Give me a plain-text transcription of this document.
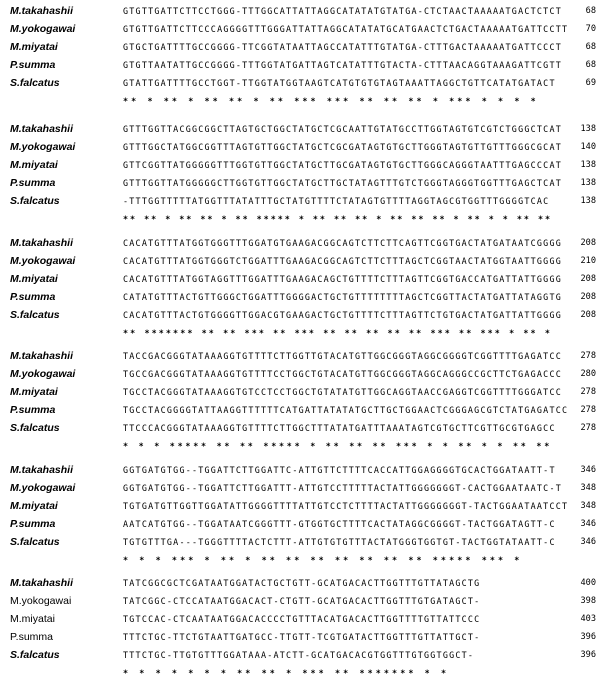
M.takahashii	GTGTTGATTCTTCCTGGG-TTTGGCATTATTAGGCATATATGTATGA-CTCTAACTAAAAATGACTCTCT	68
M.yokogawai	GTGTTGATTCTTCCCAGGGGTTTGGGATTATTAGGCATATATGCATGAACTCTGACTAAAAATGATTCCTT	70
M.miyatai	GTGCTGATTTTGCCGGGG-TTCGGTATAATTAGCCATATTTGTATGA-CTTTGACTAAAAATGATTCCCT	68
P.summa	GTGTTAATATTGCCGGGG-TTTGGTATGATTAGTCATATTTGTACTA-CTTTAACAGGTAAAGATTCGTT	68
S.falcatus	GTATTGATTTTGCCTGGT-TTGGTATGGTAAGTCATGTGTGTAGTAAATTAGGCTGTTCATATGATACT	69
** * ** * ** ** * ** *** *** ** ** ** * *** * * * *
M.takahashii	GTTTGGTTACGGCGGCTTAGTGCTGGCTATGCTCGCAATTGTATGCCTTGGTAGTGTCGTCTGGGCTCAT	138
M.yokogawai	GTTTGGCTATGGCGGTTTAGTGTTGGCTATGCTCGCGATAGTGTGCTTGGGTAGTGTTGTTTGGGCGCAT	140
M.miyatai	GTTCGGTTATGGGGGTTTGGTGTTGGCTATGCTTGCGATAGTGTGCTTGGGCAGGGTAATTTGAGCCCAT	138
P.summa	GTTTGGTTATGGGGGCTTGGTGTTGGCTATGCTTGCTATAGTTTGTCTGGGTAGGGTGGTTTGAGCTCAT	138
S.falcatus	-TTTGGTTTTTATGGTTTATATTTGCTATGTTTTCTATAGTGTTTTAGGTAGCGTGGTTTGGGGTCAC	138
** ** * ** ** * ** ***** * ** ** ** * ** ** ** * ** * * ** **
M.takahashii	CACATGTTTATGGTGGGTTTGGATGTGAAGACGGCAGTCTTCTTCAGTTCGGTGACTATGATAATCGGGG	208
M.yokogawai	CACATGTTTATGGTGGGTCTGGATTTGAAGACGGCAGTCTTCTTTAGCTCGGTAACTATGGTAATTGGGG	210
M.miyatai	CACATGTTTATGGTAGGTTTGGATTTGAAGACAGCTGTTTTCTTTAGTTCGGTGACCATGATTATTGGGG	208
P.summa	CATATGTTTACTGTTGGGCTGGATTTGGGGACTGCTGTTTTTTTTAGCTCGGTTACTATGATTATAGGTG	208
S.falcatus	CACATGTTTACTGTGGGGTTGGACGTGAAGACTGCTGTTTTCTTTAGTTCTGTGACTATGATTATTGGGG	208
** ******* ** ** *** ** *** ** ** ** ** ** *** ** *** * ** *
M.takahashii	TACCGACGGGTATAAAGGTGTTTTCTTGGTTGTACATGTTGGCGGGTAGGCGGGGTCGGTTTTGAGATCC	278
M.yokogawai	TGCCGACGGGTATAAAGGTGTTTTCCTGGCTGTACATGTTGGCGGGTAGGCAGGGCCGCTTCTGAGACCC	280
M.miyatai	TGCCTACGGGTATAAAGGTGTCCTCCTGGCTGTATATGTTGGCAGGTAACCGAGGTCGGTTTTGGGATCC	278
P.summa	TGCCTACGGGGTATTAAGGTTTTTTCATGATTATATATGCTTGCTGGAACTCGGGAGCGTCTATGAGATCC	278
S.falcatus	TTCCCACGGGTATAAAGGTGTTTTCTTGGCTTTATATGATTTAAATAGTCGTGCTTCGTTGCGTGAGCC	278
* * * ***** ** ** ***** * ** ** ** *** * * ** * * ** **
M.takahashii	GGTGATGTGG--TGGATTCTTGGATTC-ATTGTTCTTTTCACCATTGGAGGGGTGCACTGGATAATT-T	346
M.yokogawai	GGTGATGTGG--TGGATTCTTGGATTT-ATTGTCCTTTTTACTATTGGGGGGGT-CACTGGAATAATC-T	348
M.miyatai	TGTGATGTTGGTTGGATATTGGGGTTTTATTGTCCTCTTTTACTATTGGGGGGGT-TACTGGAATAATCCT	348
P.summa	AATCATGTGG--TGGATAATCGGGTTT-GTGGTGCTTTTCACTATAGGCGGGGT-TACTGGATAGTT-C	346
S.falcatus	TGTGTTTGA---TGGGTTTTACTCTTT-ATTGTGTGTTTACTATGGGTGGTGT-TACTGGTATAATT-C	346
* * * *** * ** * ** ** ** ** ** ** ** ***** *** *
M.takahashii	TATCGGCGCTCGATAATGGATACTGCTGTT-GCATGACACTTGGTTTGTTATAGCTG	400
M.yokogawai	TATCGGC-CTCCATAATGGACACT-CTGTT-GCATGACACTTGGTTTGTGATAGCT-	398
M.miyatai	TGTCCAC-CTCAATAATGGACACCCCTGTTTACATGACACTTGGTTTTGTTATTCCC	403
P.summa	TTTCTGC-TTCTGTAATTGATGCC-TTGTT-TCGTGATACTTGGTTTGTTATTGCT-	396
S.falcatus	TTTCTGC-TTGTGTTTGGATAAA-ATCTT-GCATGACACGTGGTTTGTGGTGGCT-	396
* * * * * * * ** ** * *** ** ******* * *
